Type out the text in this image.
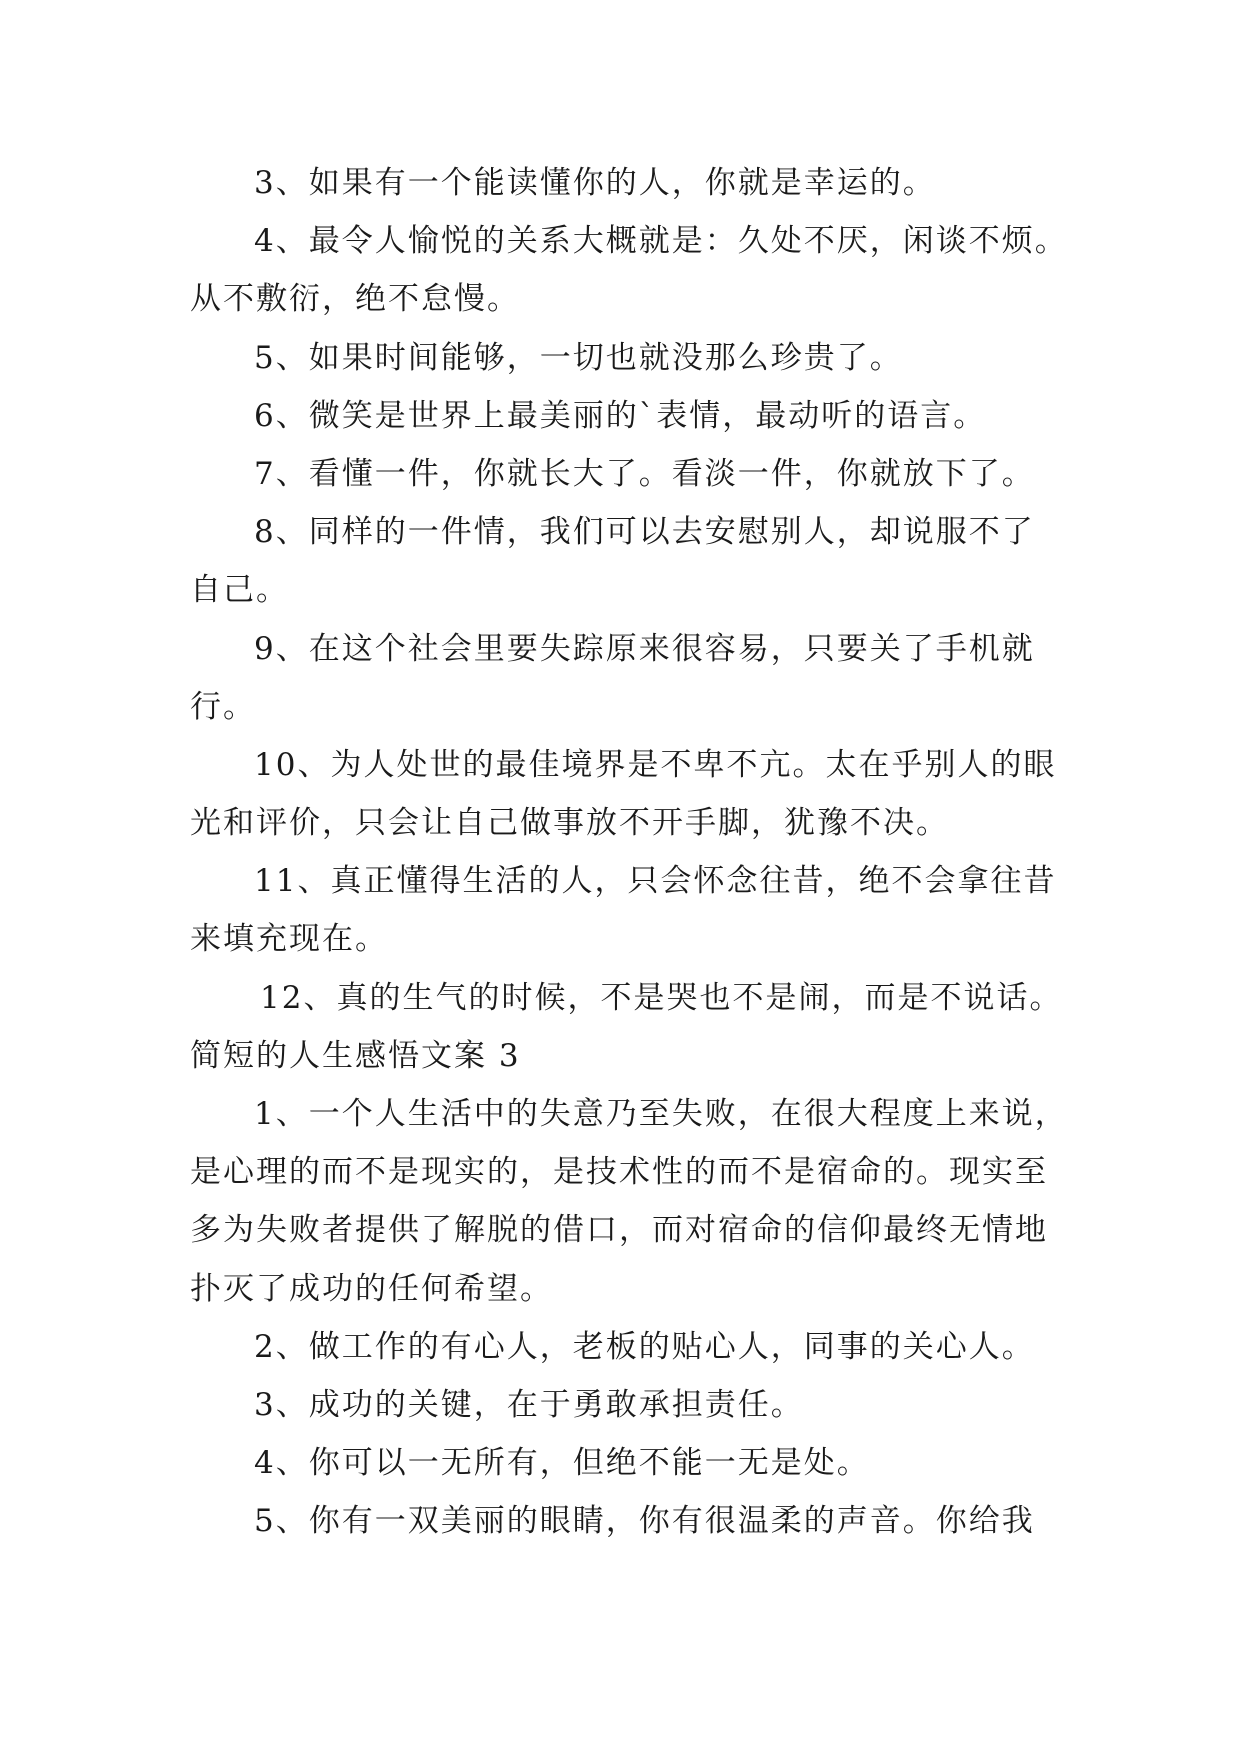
3、如果有一个能读懂你的人，你就是幸运的。
4、最令人愉悦的关系大概就是：久处不厌，闲谈不烦。
从不敷衍，绝不怠慢。
5、如果时间能够，一切也就没那么珍贵了。
6、微笑是世界上最美丽的`表情，最动听的语言。
7、看懂一件，你就长大了。看淡一件，你就放下了。
8、同样的一件情，我们可以去安慰别人，却说服不了
自己。
9、在这个社会里要失踪原来很容易，只要关了手机就
行。
10、为人处世的最佳境界是不卑不亢。太在乎别人的眼
光和评价，只会让自己做事放不开手脚，犹豫不决。
11、真正懂得生活的人，只会怀念往昔，绝不会拿往昔
来填充现在。
12、真的生气的时候，不是哭也不是闹，而是不说话。
简短的人生感悟文案 3
1、一个人生活中的失意乃至失败，在很大程度上来说，
是心理的而不是现实的，是技术性的而不是宿命的。现实至
多为失败者提供了解脱的借口，而对宿命的信仰最终无情地
扑灭了成功的任何希望。
2、做工作的有心人，老板的贴心人，同事的关心人。
3、成功的关键，在于勇敢承担责任。
4、你可以一无所有，但绝不能一无是处。
5、你有一双美丽的眼睛，你有很温柔的声音。你给我
